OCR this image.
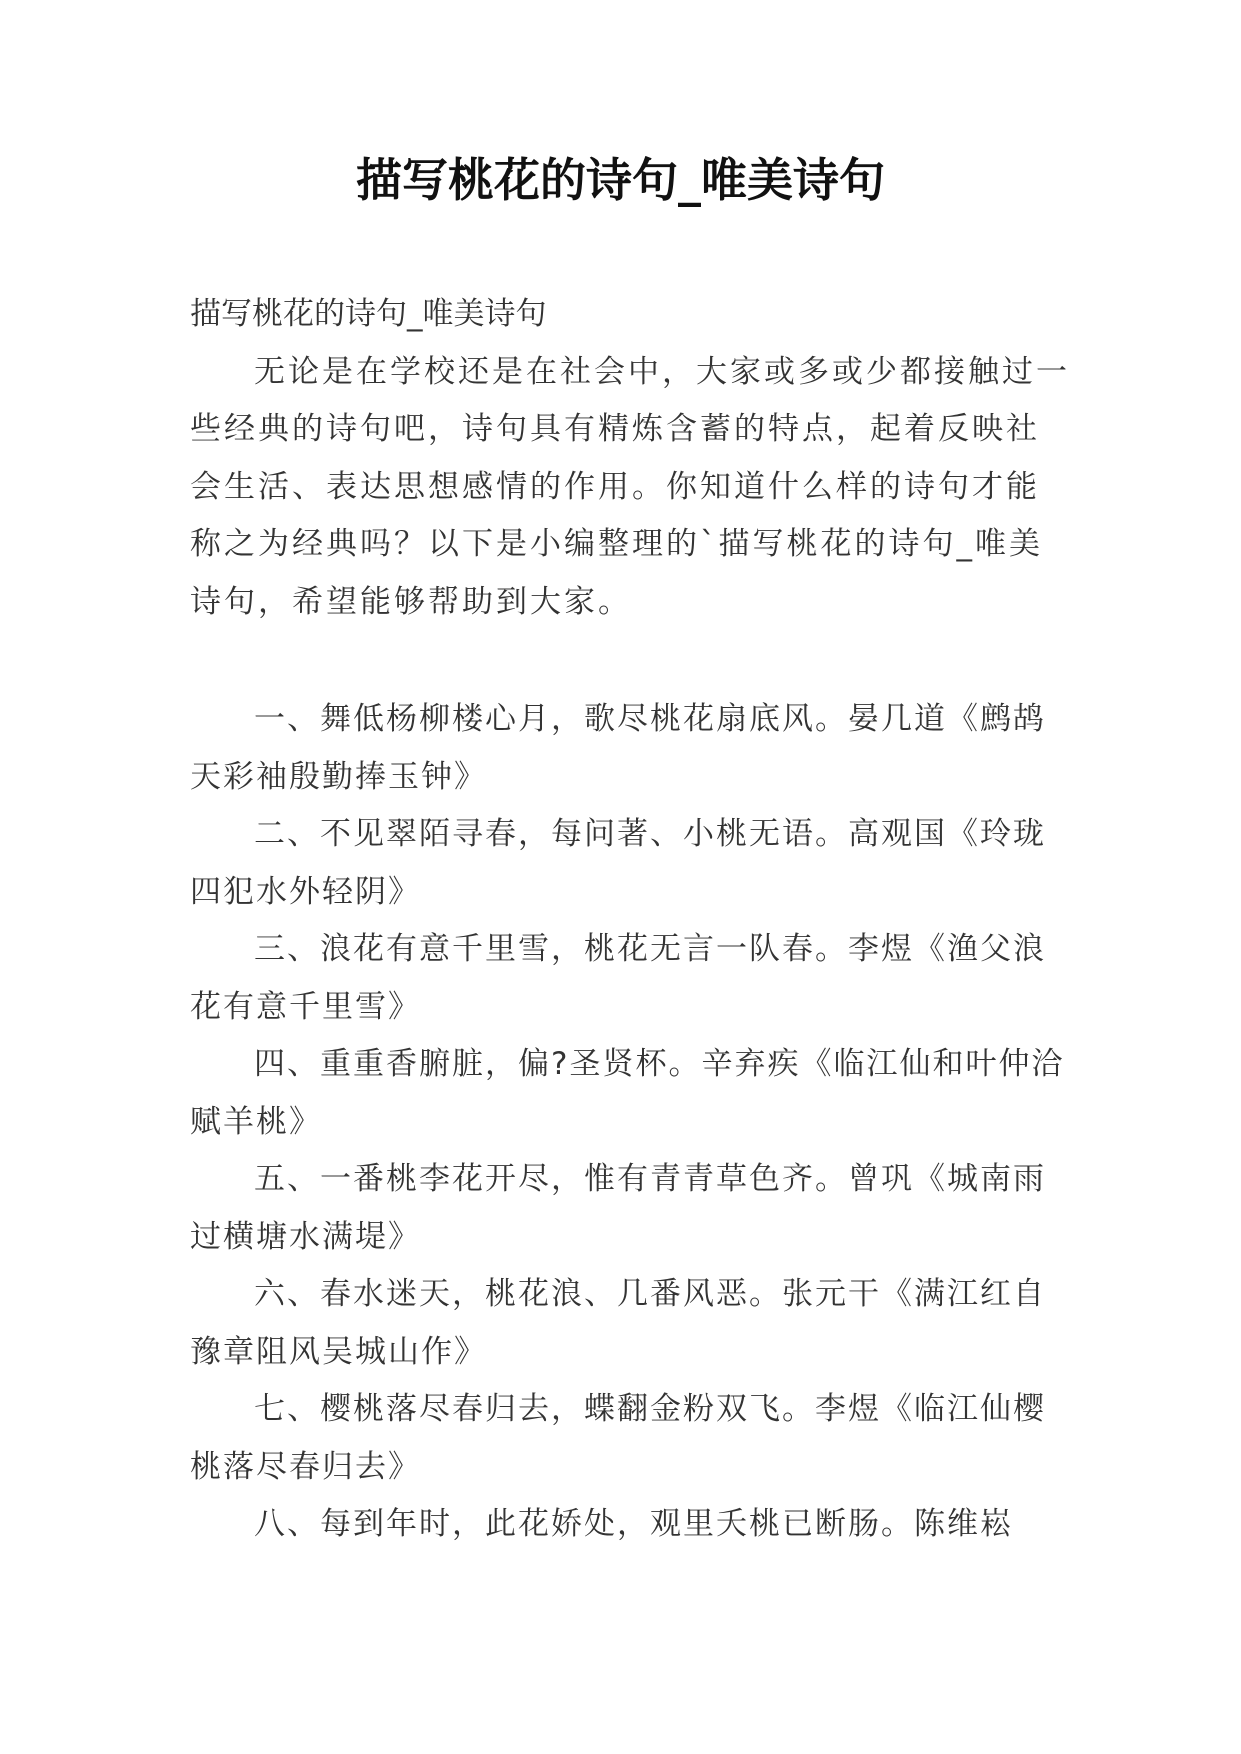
描写桃花的诗句_唯美诗句

描写桃花的诗句_唯美诗句

无论是在学校还是在社会中，大家或多或少都接触过一些经典的诗句吧，诗句具有精炼含蓄的特点，起着反映社会生活、表达思想感情的作用。你知道什么样的诗句才能称之为经典吗？以下是小编整理的`描写桃花的诗句_唯美诗句，希望能够帮助到大家。

一、舞低杨柳楼心月，歌尽桃花扇底风。晏几道《鹧鸪天彩袖殷勤捧玉钟》

二、不见翠陌寻春，每问著、小桃无语。高观国《玲珑四犯水外轻阴》

三、浪花有意千里雪，桃花无言一队春。李煜《渔父浪花有意千里雪》

四、重重香腑脏，偏?圣贤杯。辛弃疾《临江仙和叶仲洽赋羊桃》

五、一番桃李花开尽，惟有青青草色齐。曾巩《城南雨过横塘水满堤》

六、春水迷天，桃花浪、几番风恶。张元干《满江红自豫章阻风吴城山作》

七、樱桃落尽春归去，蝶翻金粉双飞。李煜《临江仙樱桃落尽春归去》

八、每到年时，此花娇处，观里夭桃已断肠。陈维崧
